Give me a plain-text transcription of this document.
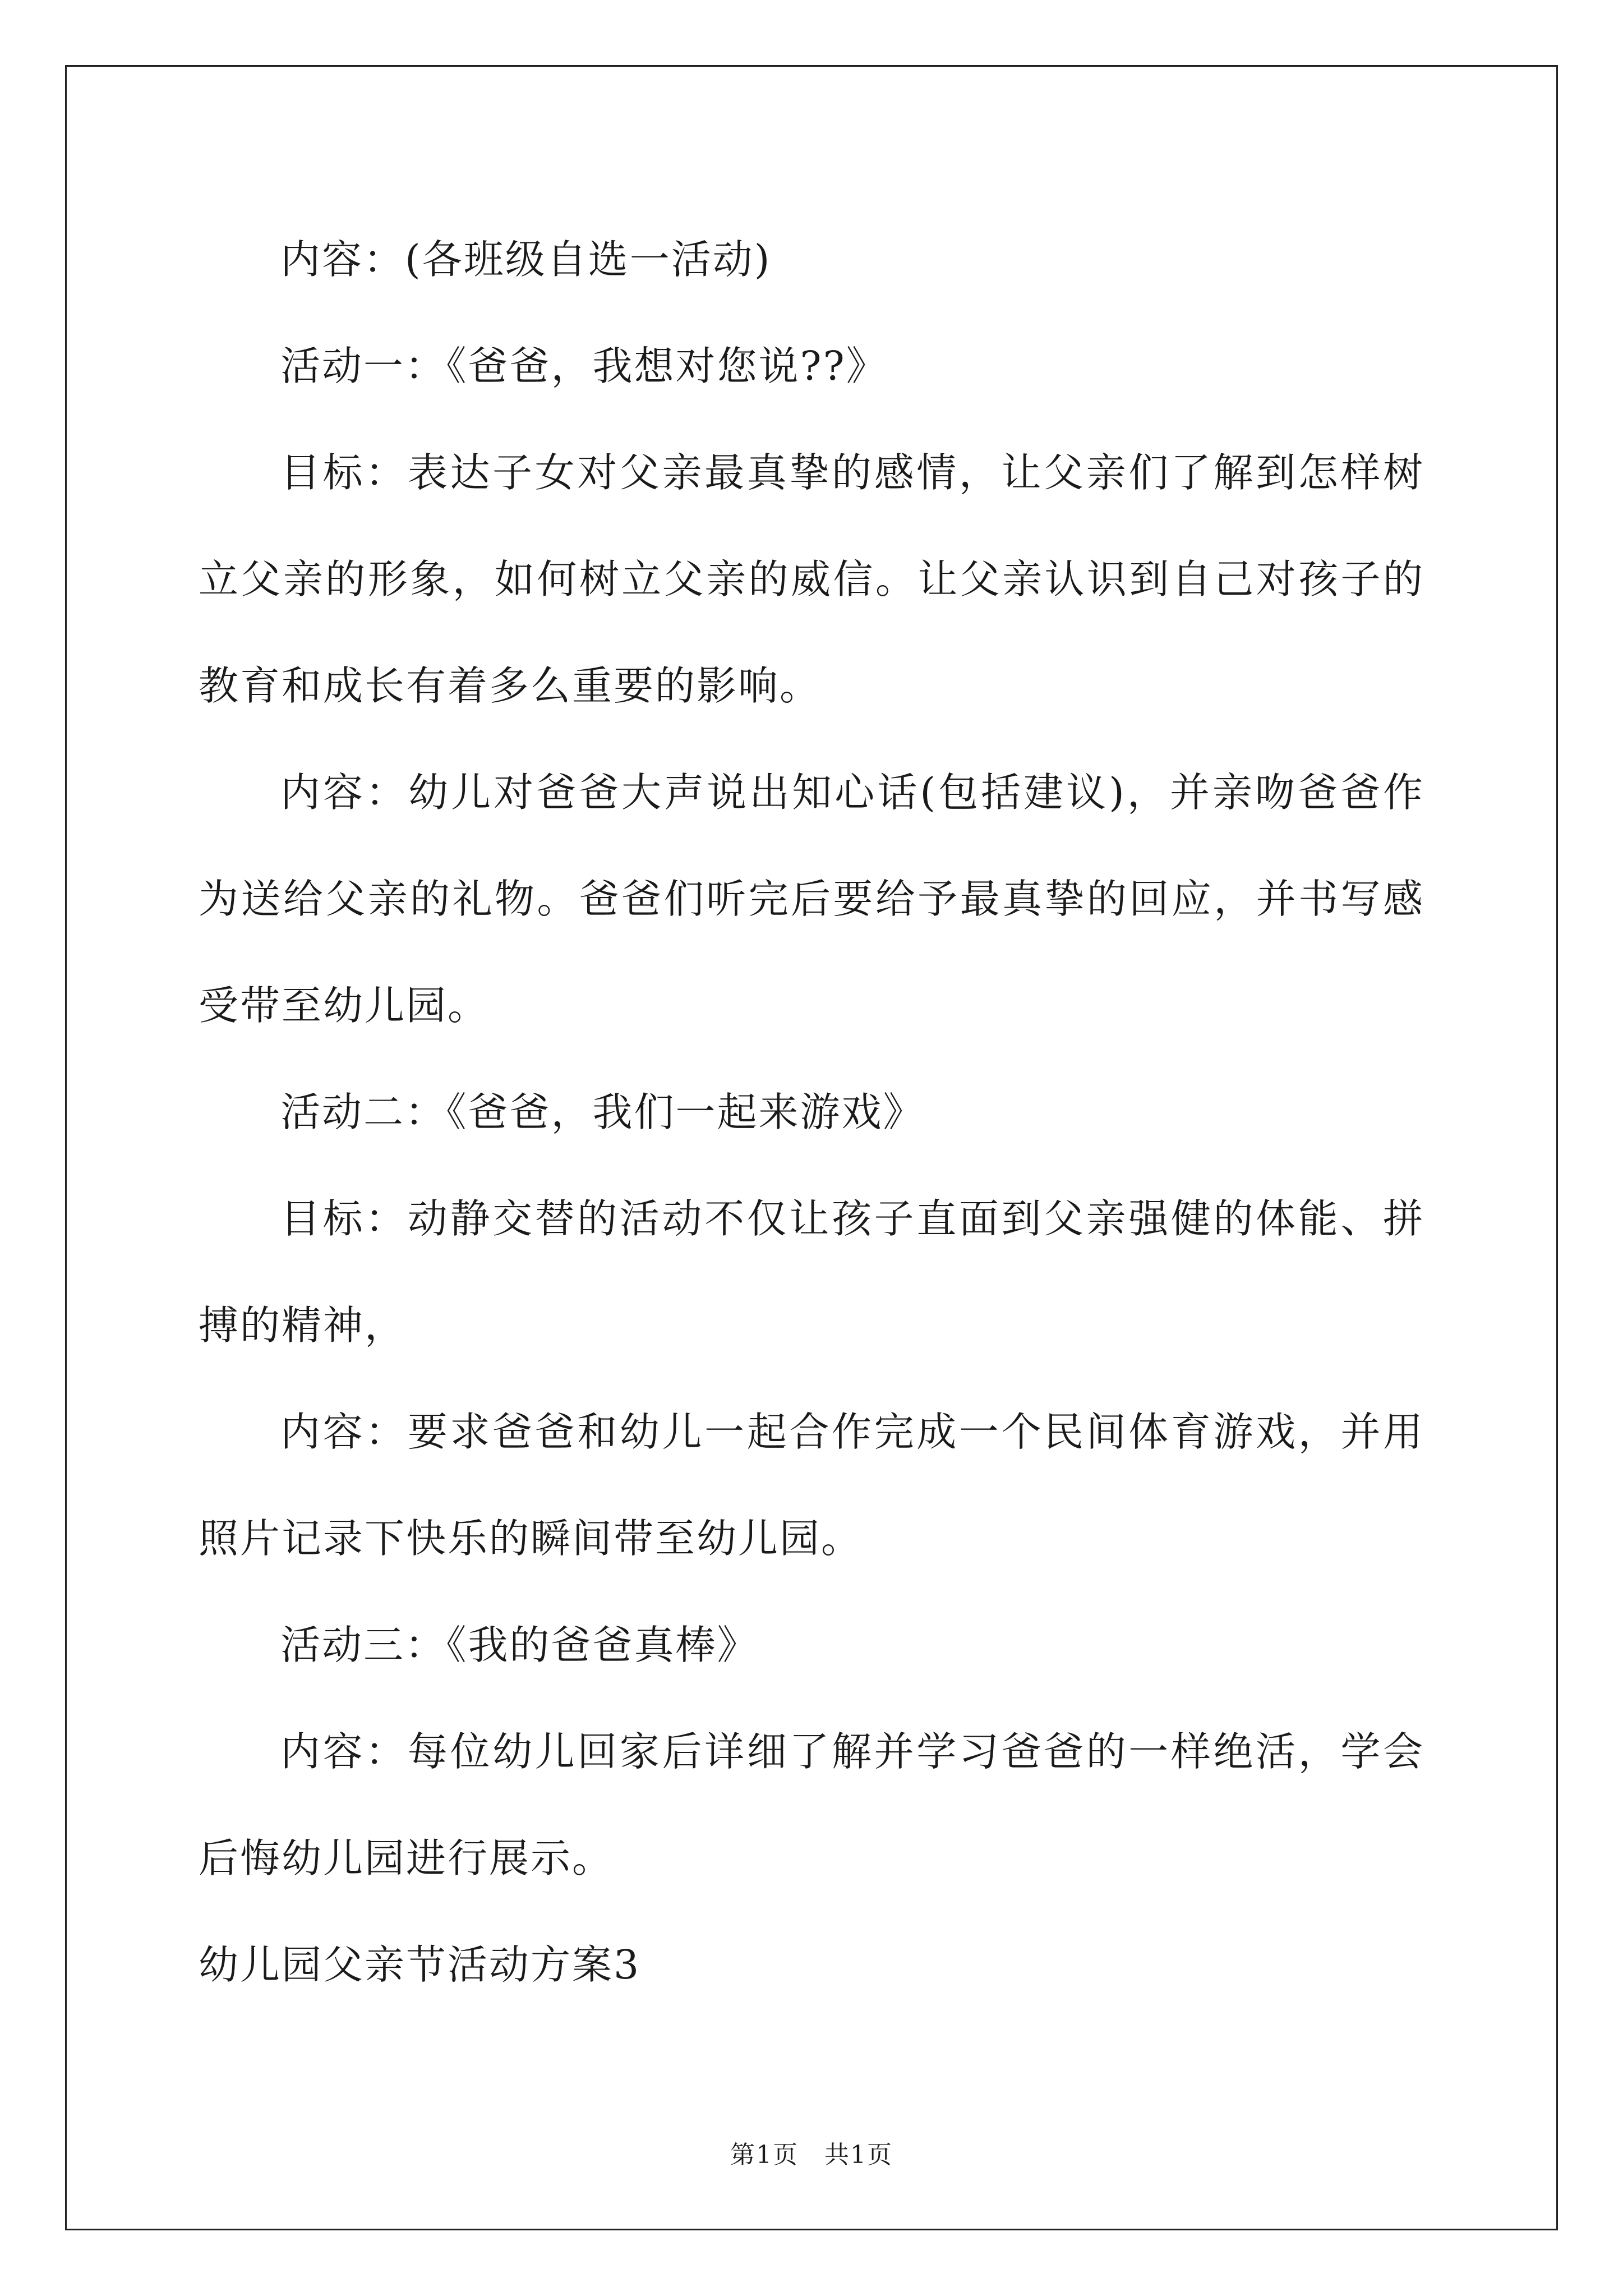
内容：(各班级自选一活动)

活动一：《爸爸，我想对您说??》

目标：表达子女对父亲最真挚的感情，让父亲们了解到怎样树立父亲的形象，如何树立父亲的威信。让父亲认识到自己对孩子的教育和成长有着多么重要的影响。

内容：幼儿对爸爸大声说出知心话(包括建议)，并亲吻爸爸作为送给父亲的礼物。爸爸们听完后要给予最真挚的回应，并书写感受带至幼儿园。

活动二：《爸爸，我们一起来游戏》

目标：动静交替的活动不仅让孩子直面到父亲强健的体能、拼搏的精神，

内容：要求爸爸和幼儿一起合作完成一个民间体育游戏，并用照片记录下快乐的瞬间带至幼儿园。

活动三：《我的爸爸真棒》

内容：每位幼儿回家后详细了解并学习爸爸的一样绝活，学会后悔幼儿园进行展示。

幼儿园父亲节活动方案3

第1页　共1页
